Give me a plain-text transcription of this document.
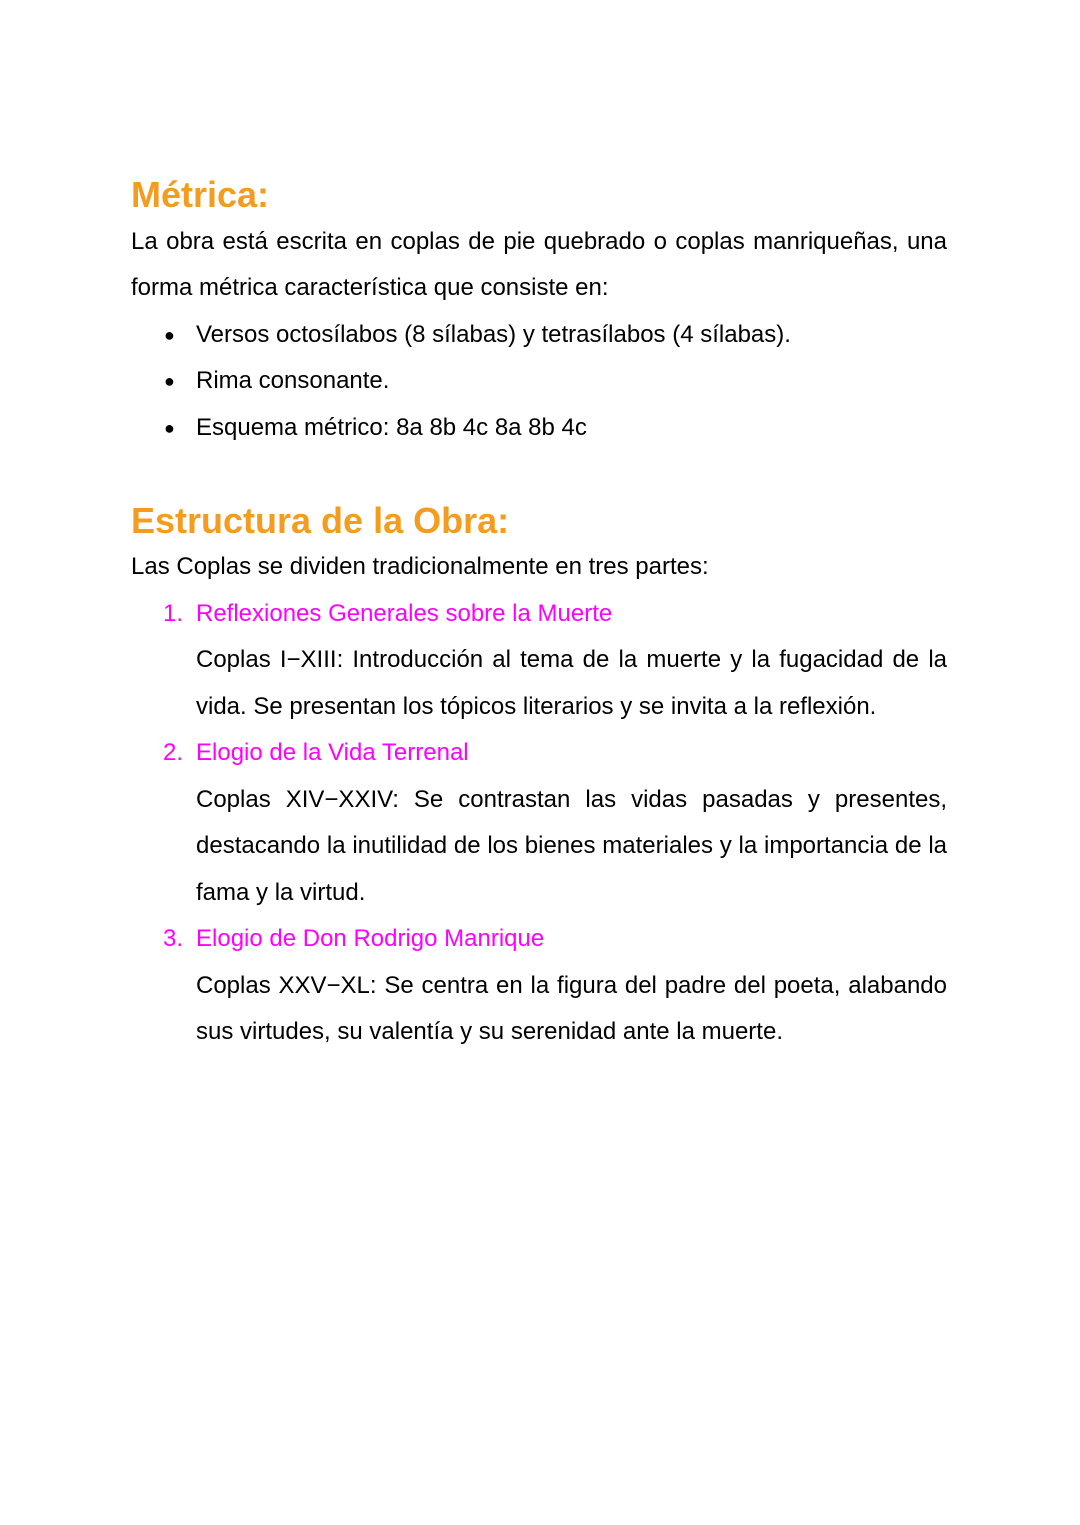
Métrica:

La obra está escrita en coplas de pie quebrado o coplas manriqueñas, una forma métrica característica que consiste en:

● Versos octosílabos (8 sílabas) y tetrasílabos (4 sílabas).
● Rima consonante.
● Esquema métrico: 8a 8b 4c 8a 8b 4c
Estructura de la Obra:

Las Coplas se dividen tradicionalmente en tres partes:

1. Reflexiones Generales sobre la Muerte
Coplas I−XIII: Introducción al tema de la muerte y la fugacidad de la vida. Se presentan los tópicos literarios y se invita a la reflexión.
2. Elogio de la Vida Terrenal
Coplas XIV−XXIV: Se contrastan las vidas pasadas y presentes, destacando la inutilidad de los bienes materiales y la importancia de la fama y la virtud.
3. Elogio de Don Rodrigo Manrique
Coplas XXV−XL: Se centra en la figura del padre del poeta, alabando sus virtudes, su valentía y su serenidad ante la muerte.
